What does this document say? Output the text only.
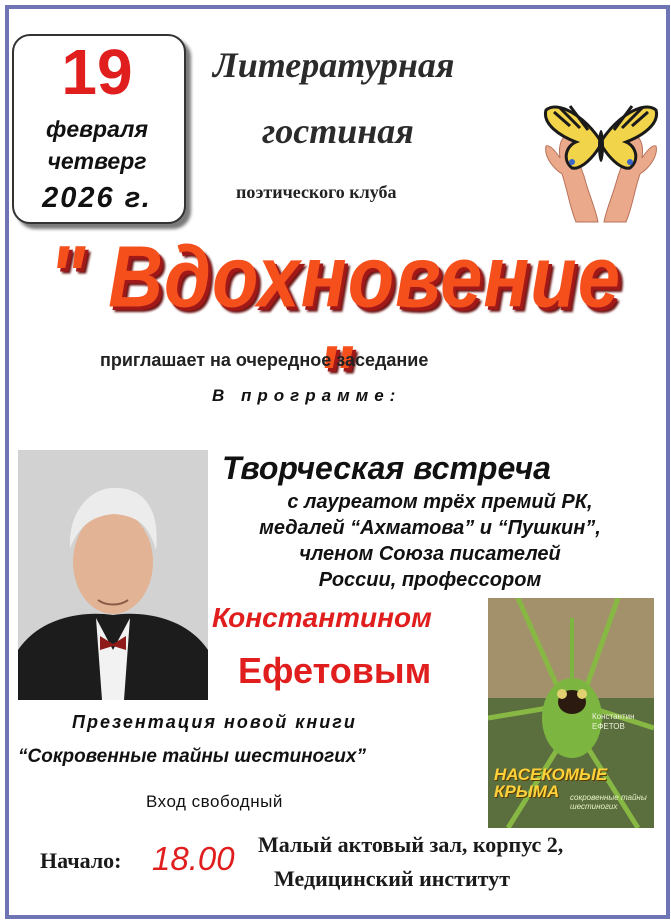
19
февраля
четверг
2026 г.
Литературная
гостиная
поэтического клуба
" Вдохновение "
приглашает на очередное заседание
В программе:
Творческая встреча
с лауреатом трёх премий РК,
медалей “Ахматова” и “Пушкин”,
членом Союза писателей
России, профессором
Константином
Ефетовым
Константин ЕФЕТОВ
НАСЕКОМЫЕ
КРЫМА	сокровенные тайны шестиногих
Презентация новой книги
“Сокровенные тайны шестиногих”
Вход свободный
Начало: 18.00 Малый актовый зал, корпус 2,
Медицинский институт
